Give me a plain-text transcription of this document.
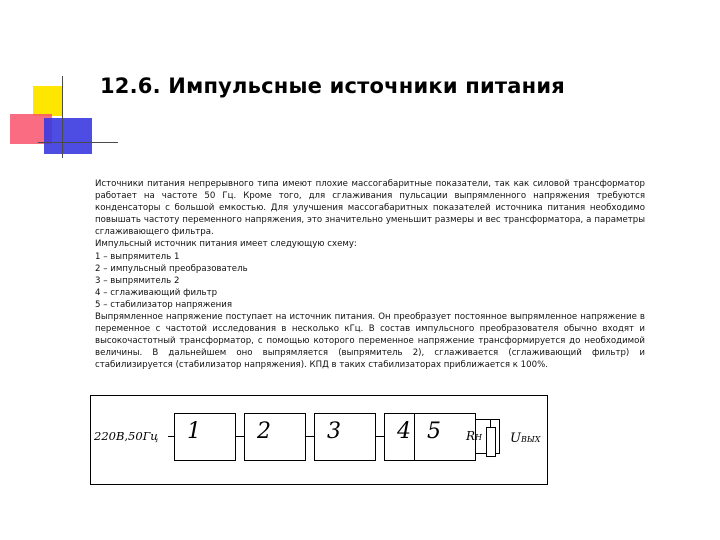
12.6. Импульсные источники питания
Источники питания непрерывного типа имеют плохие массогабаритные показатели, так как силовой трансформатор работает на частоте 50 Гц. Кроме того, для сглаживания пульсации выпрямленного напряжения требуются конденсаторы с большой емкостью. Для улучшения массогабаритных показателей источника питания необходимо повышать частоту переменного напряжения, это значительно уменьшит размеры и вес трансформатора, а параметры сглаживающего фильтра.
Импульсный источник питания имеет следующую схему:
1 – выпрямитель 1
2 – импульсный преобразователь
3 – выпрямитель 2
4 – сглаживающий фильтр
5 – стабилизатор напряжения
Выпрямленное напряжение поступает на источник питания. Он преобразует постоянное выпрямленное напряжение в переменное с частотой исследования в несколько кГц. В состав импульсного преобразователя обычно входят и высокочастотный трансформатор, с помощью которого переменное напряжение трансформируется до необходимой величины. В дальнейшем оно выпрямляется (выпрямитель 2), сглаживается (сглаживающий фильтр) и стабилизируется (стабилизатор напряжения). КПД в таких стабилизаторах приближается к 100%.
220В,50Гц 1	2	3	4 5 RH UВЫХ
